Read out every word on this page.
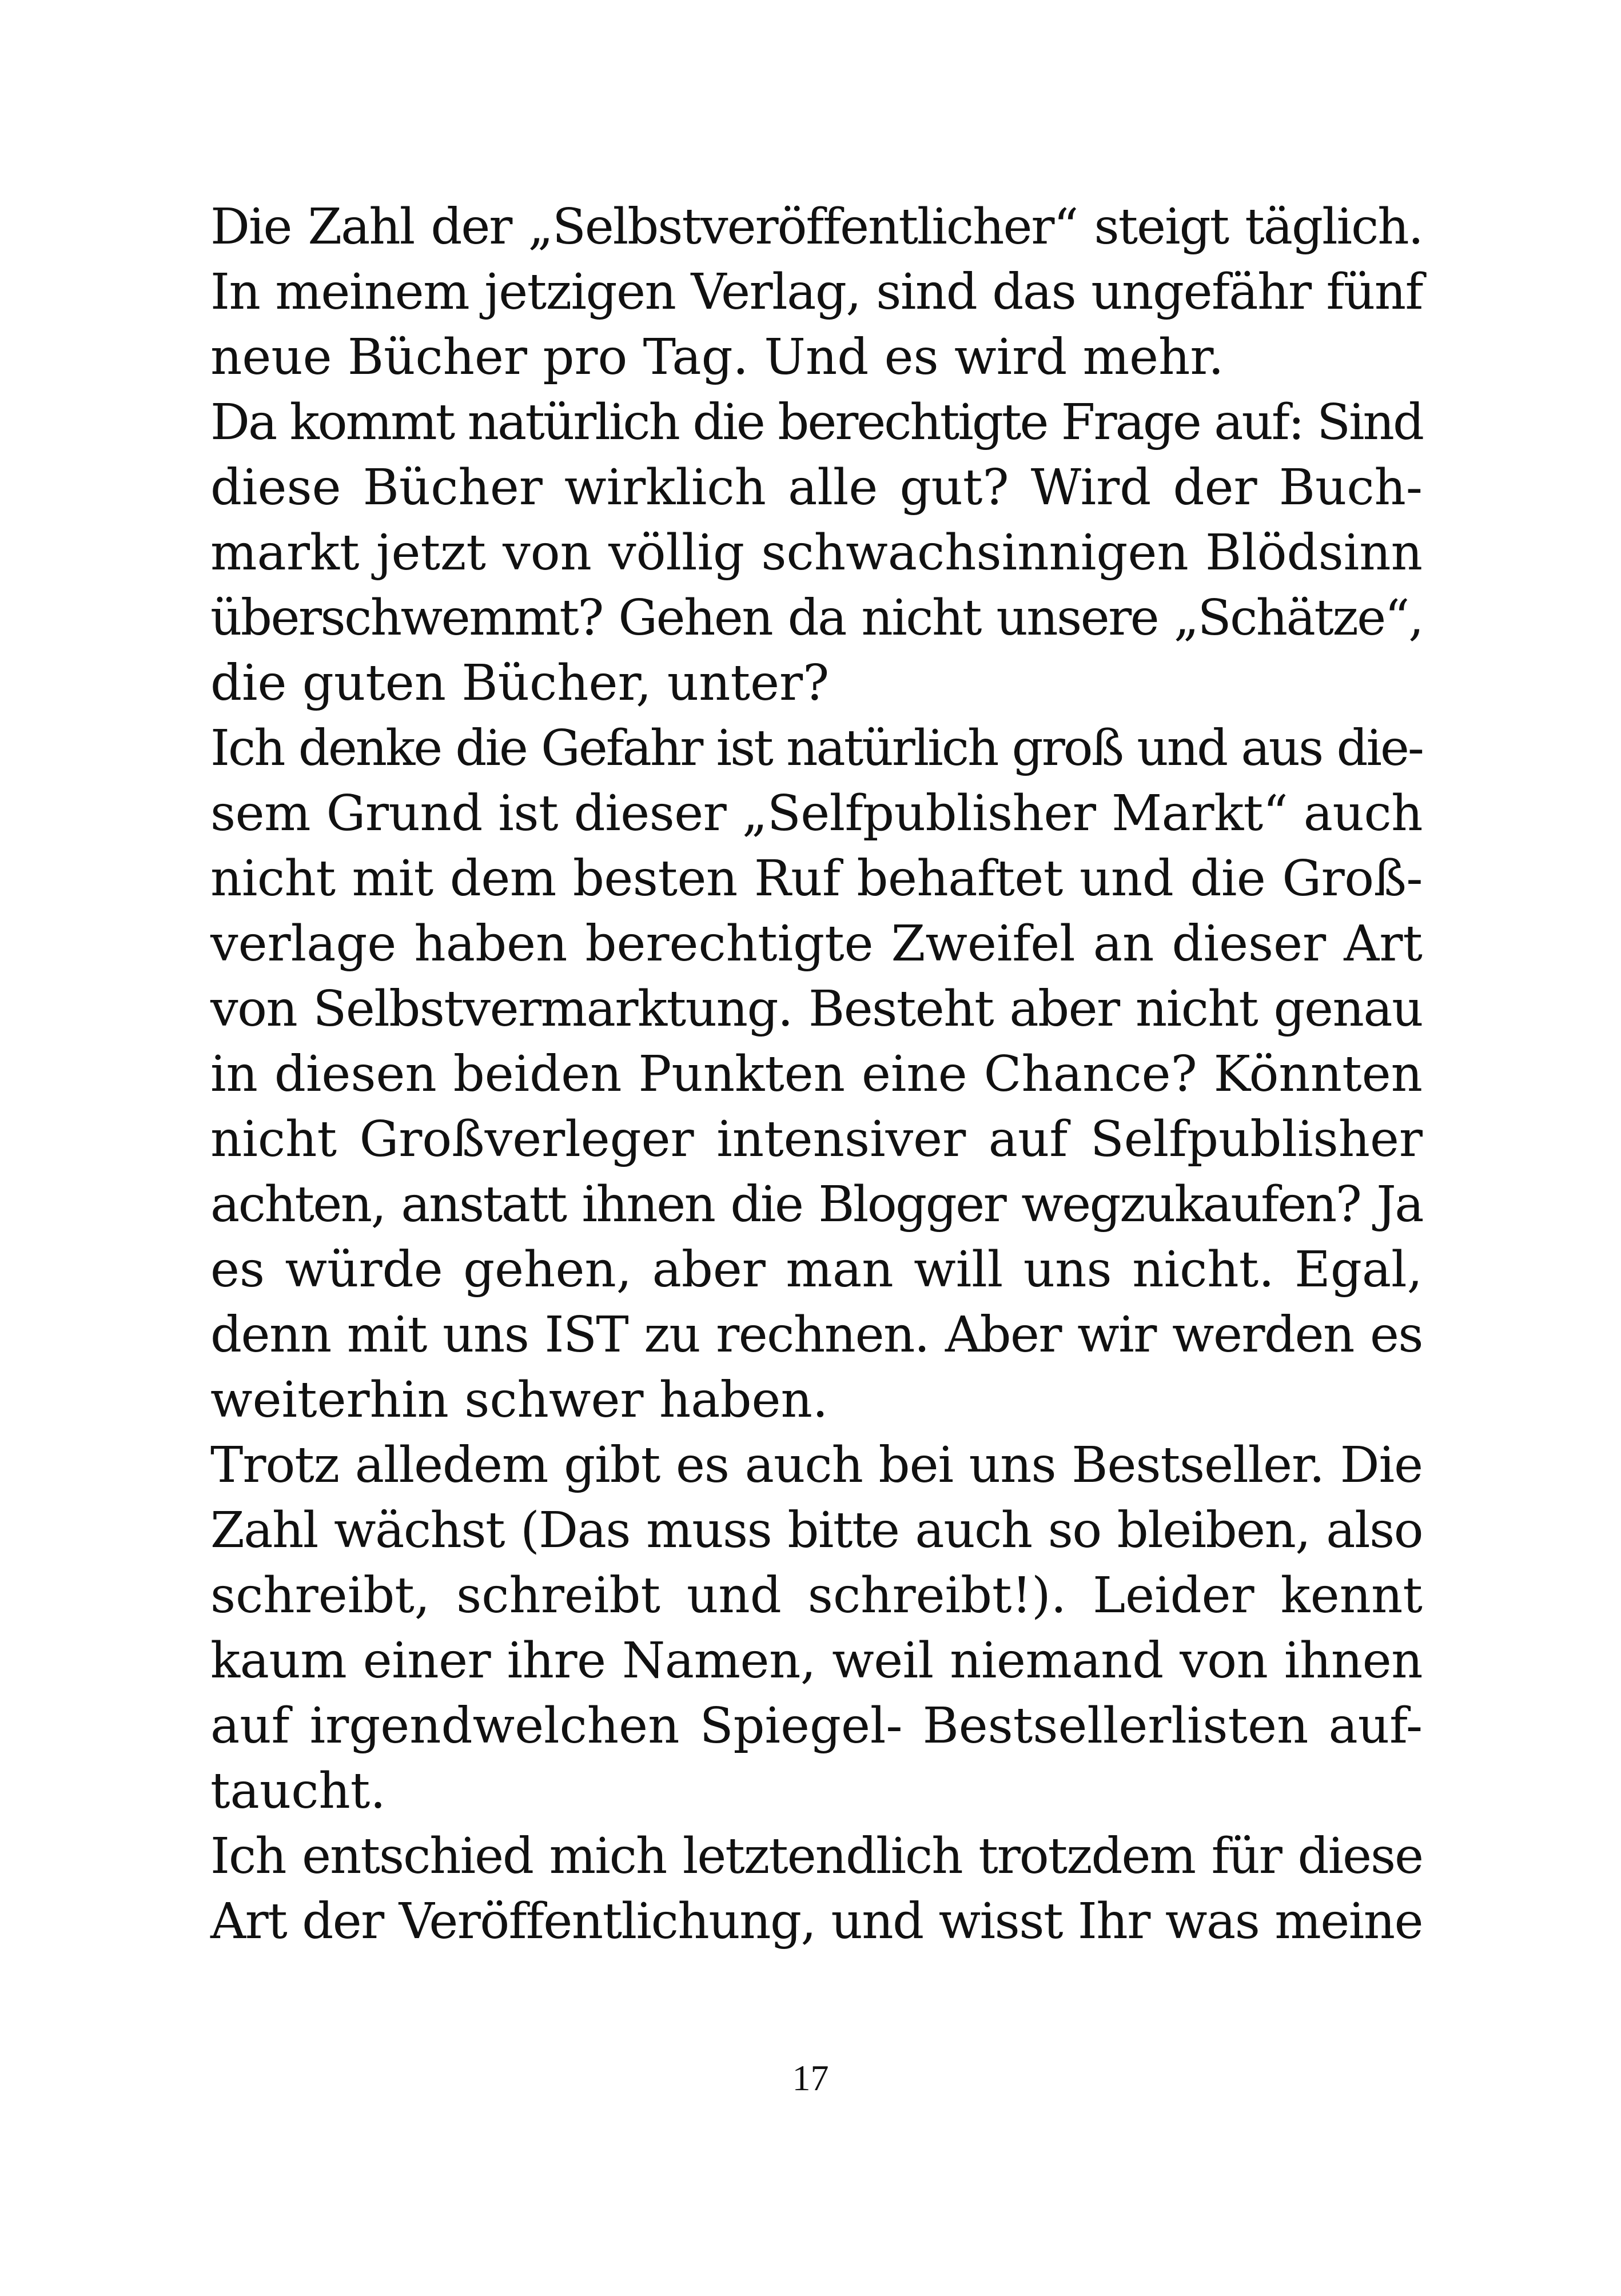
Die Zahl der „Selbstveröffentlicher“ steigt täglich.
In meinem jetzigen Verlag, sind das ungefähr fünf
neue Bücher pro Tag. Und es wird mehr.
Da kommt natürlich die berechtigte Frage auf: Sind
diese Bücher wirklich alle gut? Wird der Buch-
markt jetzt von völlig schwachsinnigen Blödsinn
überschwemmt? Gehen da nicht unsere „Schätze“,
die guten Bücher, unter?
Ich denke die Gefahr ist natürlich groß und aus die-
sem Grund ist dieser „Selfpublisher Markt“ auch
nicht mit dem besten Ruf behaftet und die Groß-
verlage haben berechtigte Zweifel an dieser Art
von Selbstvermarktung. Besteht aber nicht genau
in diesen beiden Punkten eine Chance? Könnten
nicht Großverleger intensiver auf Selfpublisher
achten, anstatt ihnen die Blogger wegzukaufen? Ja
es würde gehen, aber man will uns nicht. Egal,
denn mit uns IST zu rechnen. Aber wir werden es
weiterhin schwer haben.
Trotz alledem gibt es auch bei uns Bestseller. Die
Zahl wächst (Das muss bitte auch so bleiben, also
schreibt, schreibt und schreibt!). Leider kennt
kaum einer ihre Namen, weil niemand von ihnen
auf irgendwelchen Spiegel- Bestsellerlisten auf-
taucht.
Ich entschied mich letztendlich trotzdem für diese
Art der Veröffentlichung, und wisst Ihr was meine
17
